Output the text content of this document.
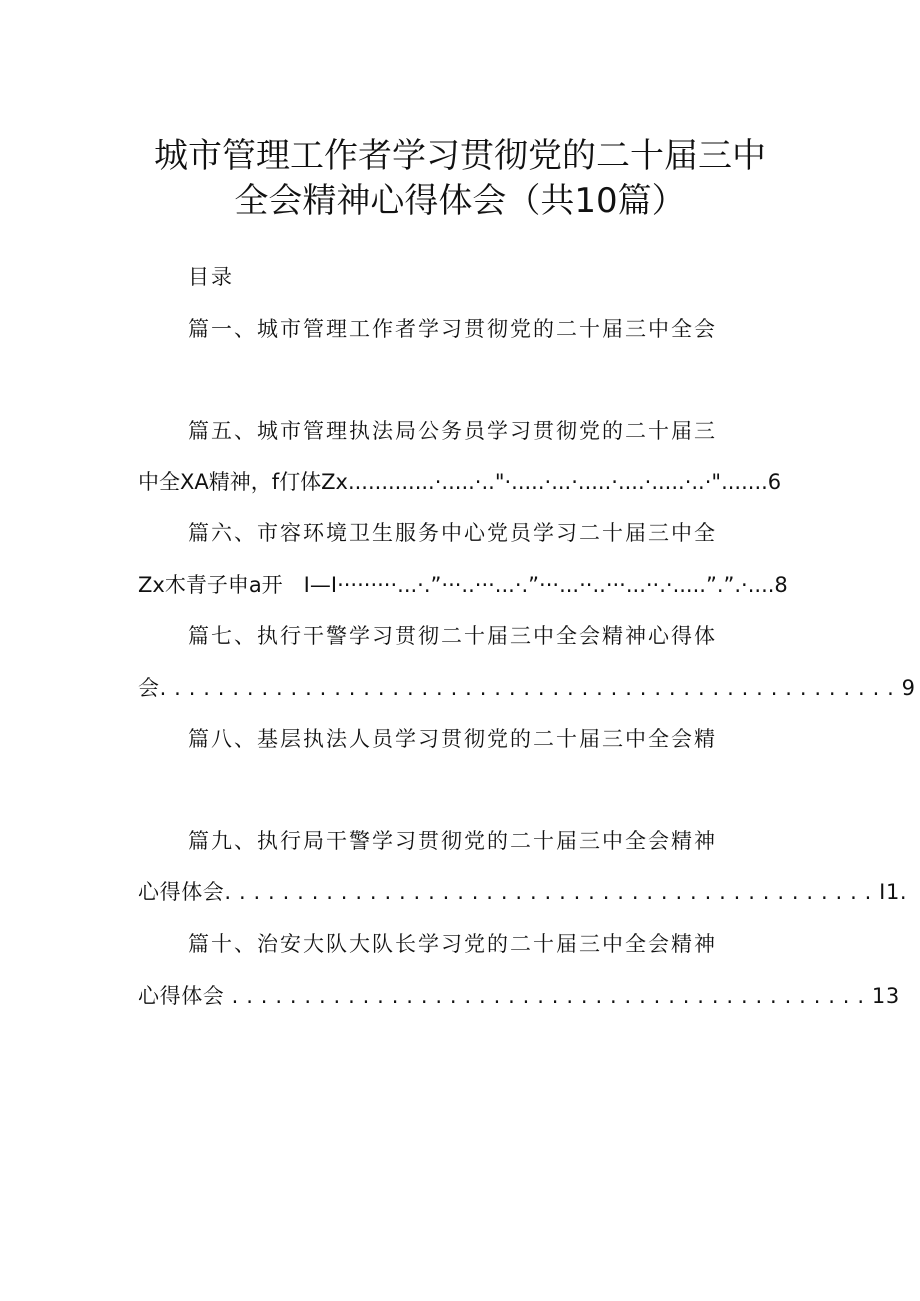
城市管理工作者学习贯彻党的二十届三中
全会精神心得体会（共10篇）
目录
篇一、城市管理工作者学习贯彻党的二十届三中全会
篇五、城市管理执法局公务员学习贯彻党的二十届三
中全XA精神，f仃体Zx.............·.....·.."·.....·...·.....·....·.....·..·".......6
篇六、市容环境卫生服务中心党员学习二十届三中全
Zx木青子申a开　I—I·········...·.”···..···...·.”···...··..···...··.·.....”.”.·....8
篇七、执行干警学习贯彻二十届三中全会精神心得体
会. . . . . . . . . . . . . . . . . . . . . . . . . . . . . . . . . . . . . . . . . . . . . . . . . . . 9
篇八、基层执法人员学习贯彻党的二十届三中全会精
篇九、执行局干警学习贯彻党的二十届三中全会精神
心得体会. . . . . . . . . . . . . . . . . . . . . . . . . . . . . . . . . . . . . . . . . . . . . I1.
篇十、治安大队大队长学习党的二十届三中全会精神
心得体会 . . . . . . . . . . . . . . . . . . . . . . . . . . . . . . . . . . . . . . . . . . . . 13
